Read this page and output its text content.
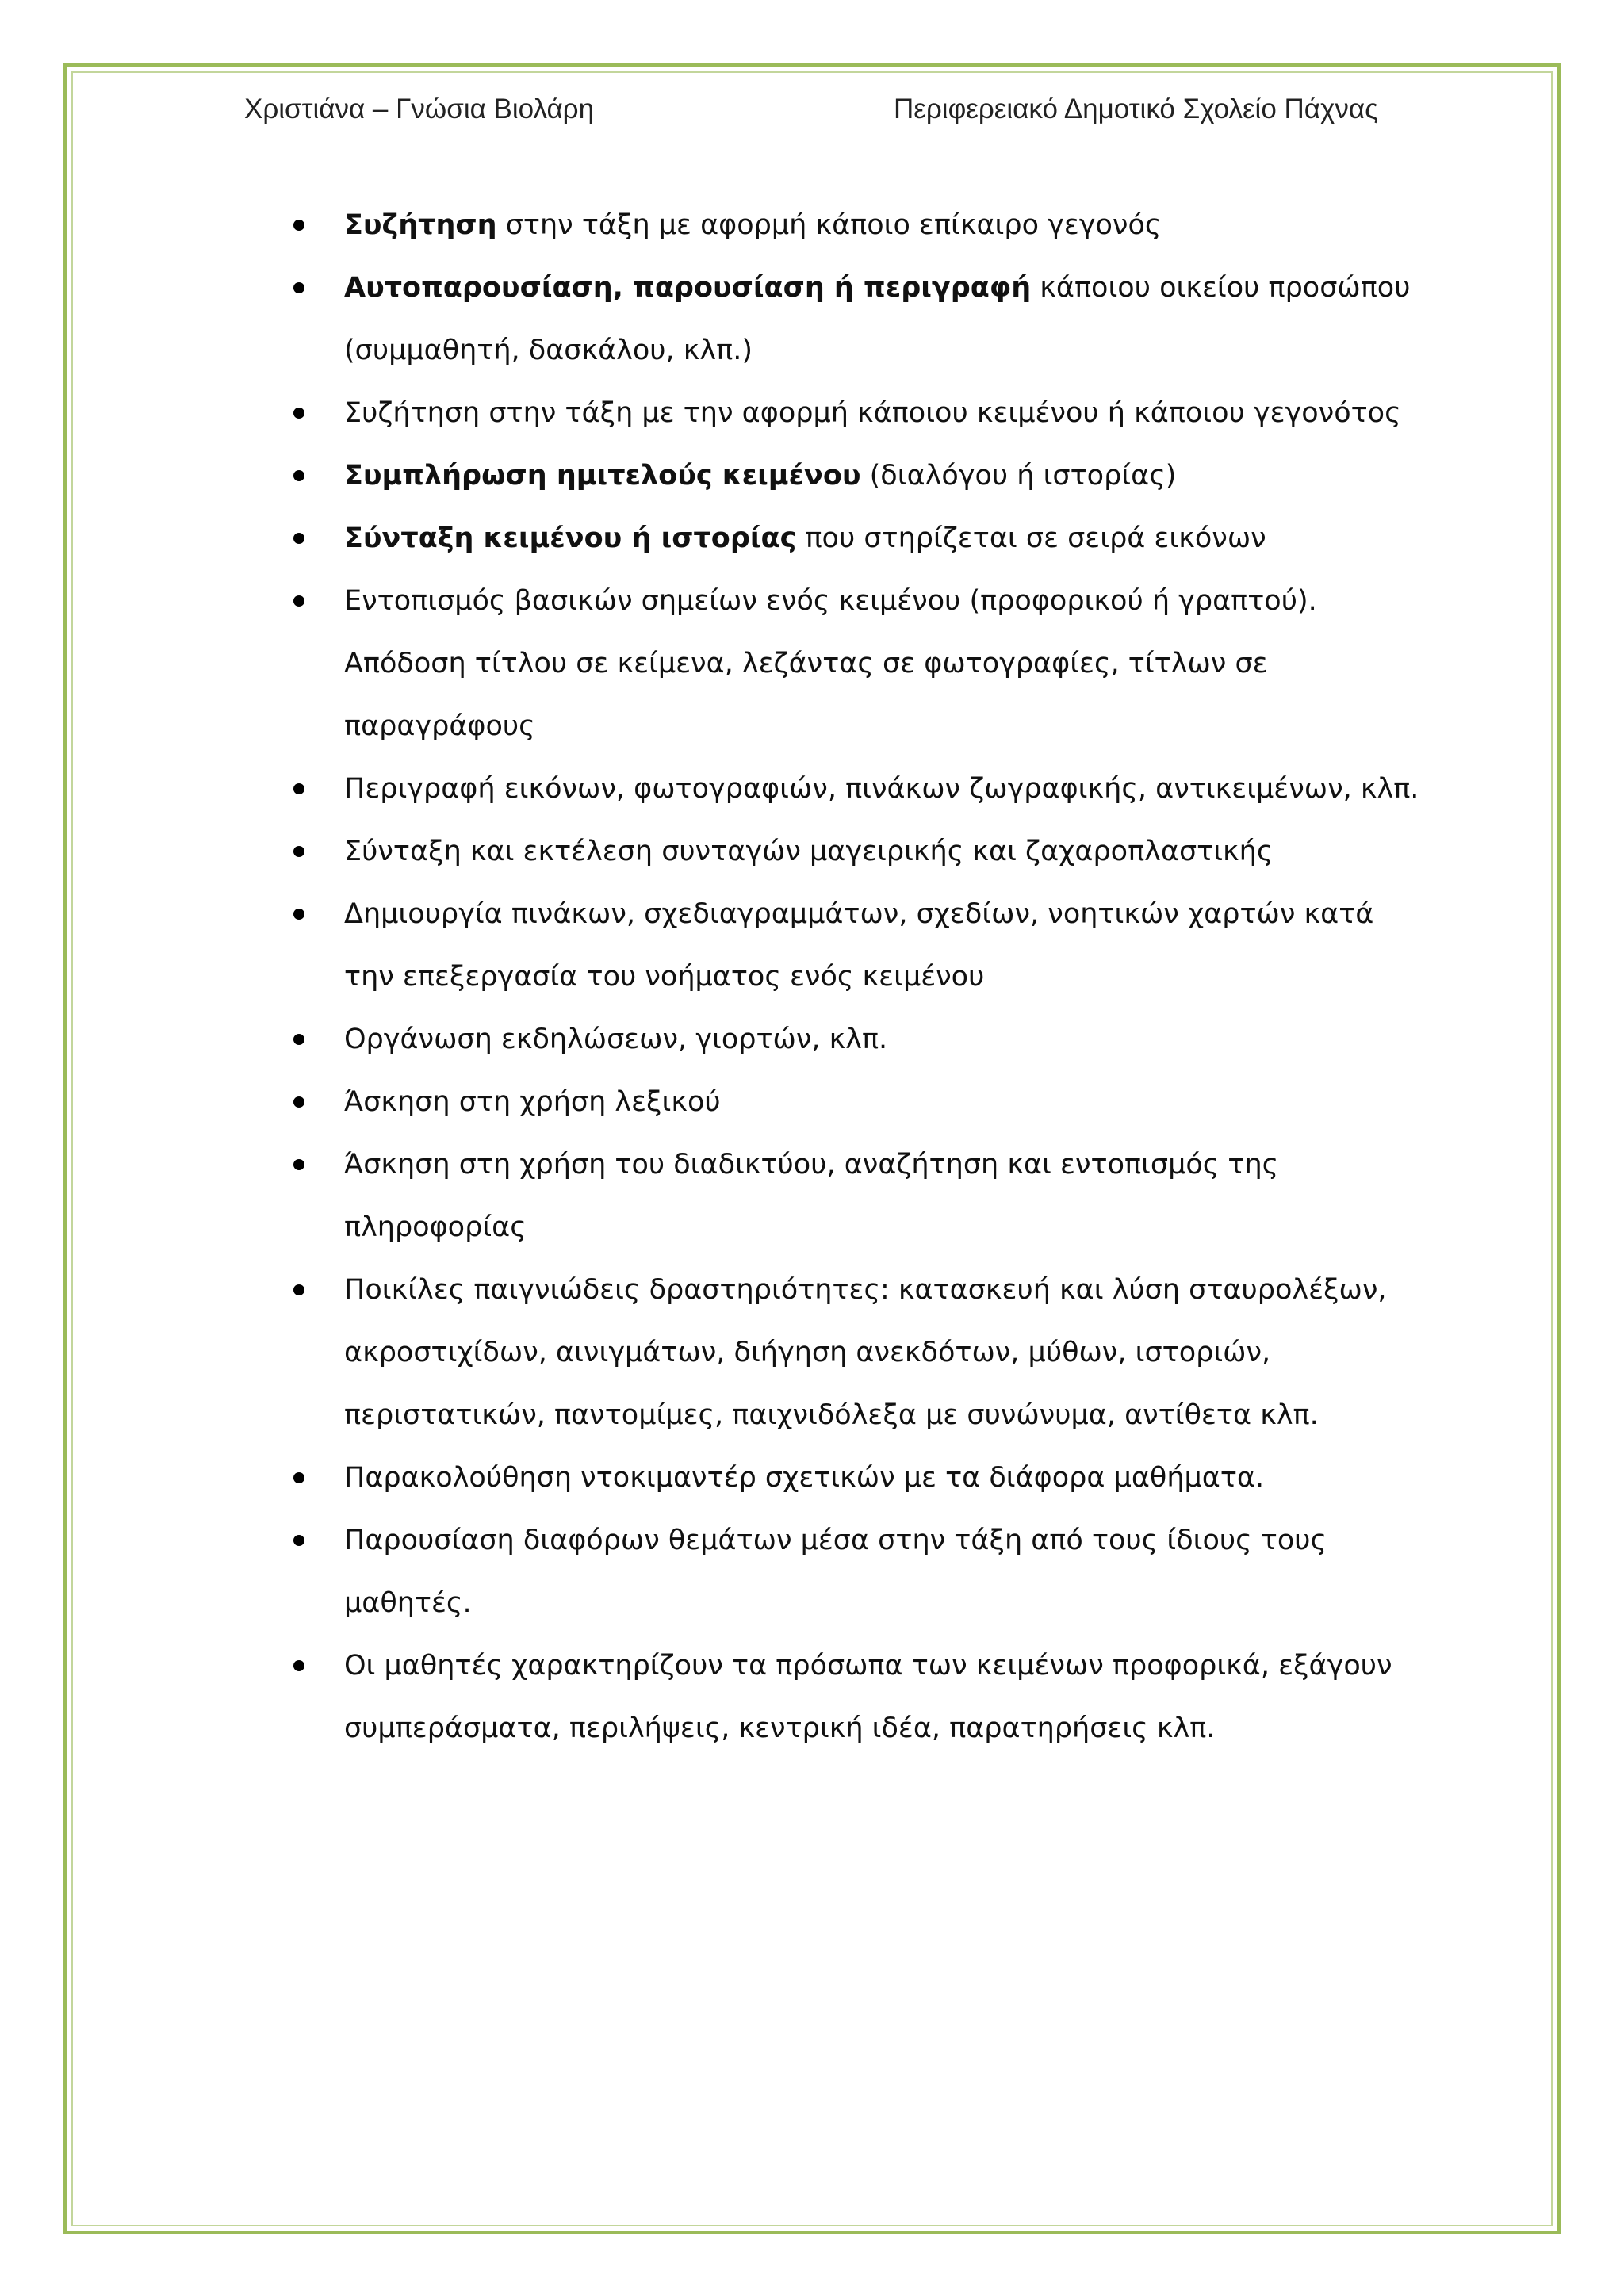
Χριστιάνα – Γνώσια Βιολάρη	Περιφερειακό Δημοτικό Σχολείο Πάχνας
Συζήτηση στην τάξη με αφορμή κάποιο επίκαιρο γεγονός
Αυτοπαρουσίαση, παρουσίαση ή περιγραφή κάποιου οικείου προσώπου (συμμαθητή, δασκάλου, κλπ.)
Συζήτηση στην τάξη με την αφορμή κάποιου κειμένου ή κάποιου γεγονότος
Συμπλήρωση ημιτελούς κειμένου (διαλόγου ή ιστορίας)
Σύνταξη κειμένου ή ιστορίας που στηρίζεται σε σειρά εικόνων
Εντοπισμός βασικών σημείων ενός κειμένου (προφορικού ή γραπτού). Απόδοση τίτλου σε κείμενα, λεζάντας σε φωτογραφίες, τίτλων σε παραγράφους
Περιγραφή εικόνων, φωτογραφιών, πινάκων ζωγραφικής, αντικειμένων, κλπ.
Σύνταξη και εκτέλεση συνταγών μαγειρικής και ζαχαροπλαστικής
Δημιουργία πινάκων, σχεδιαγραμμάτων, σχεδίων, νοητικών χαρτών κατά την επεξεργασία του νοήματος ενός κειμένου
Οργάνωση εκδηλώσεων, γιορτών, κλπ.
Άσκηση στη χρήση λεξικού
Άσκηση στη χρήση του διαδικτύου, αναζήτηση και εντοπισμός της πληροφορίας
Ποικίλες παιγνιώδεις δραστηριότητες: κατασκευή και λύση σταυρολέξων, ακροστιχίδων, αινιγμάτων, διήγηση ανεκδότων, μύθων, ιστοριών, περιστατικών, παντομίμες, παιχνιδόλεξα με συνώνυμα, αντίθετα κλπ.
Παρακολούθηση ντοκιμαντέρ σχετικών με τα διάφορα μαθήματα.
Παρουσίαση διαφόρων θεμάτων μέσα στην τάξη από τους ίδιους τους μαθητές.
Οι μαθητές χαρακτηρίζουν τα πρόσωπα των κειμένων προφορικά, εξάγουν συμπεράσματα, περιλήψεις, κεντρική ιδέα, παρατηρήσεις κλπ.
